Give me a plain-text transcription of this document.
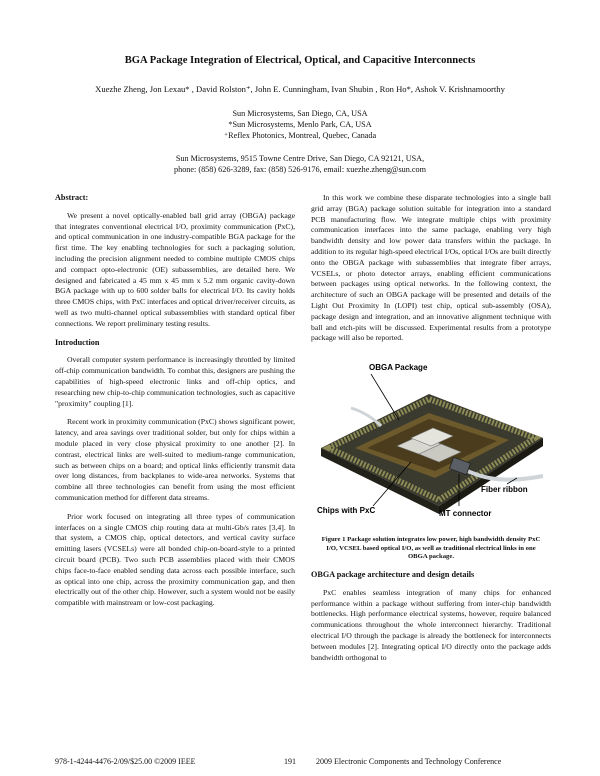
BGA Package Integration of Electrical, Optical, and Capacitive Interconnects
Xuezhe Zheng, Jon Lexau* , David Rolston⁺, John E. Cunningham, Ivan Shubin , Ron Ho*, Ashok V. Krishnamoorthy
Sun Microsystems, San Diego, CA, USA
*Sun Microsystems, Menlo Park, CA, USA
⁺Reflex Photonics, Montreal, Quebec, Canada
Sun Microsystems, 9515 Towne Centre Drive, San Diego, CA 92121, USA,
phone: (858) 626-3289, fax: (858) 526-9176, email: xuezhe.zheng@sun.com
Abstract:

We present a novel optically-enabled ball grid array (OBGA) package that integrates conventional electrical I/O, proximity communication (PxC), and optical communication in one industry-compatible BGA package for the first time. The key enabling technologies for such a packaging solution, including the precision alignment needed to combine multiple CMOS chips and compact opto-electronic (OE) subassemblies, are detailed here. We designed and fabricated a 45 mm x 45 mm x 5.2 mm organic cavity-down BGA package with up to 600 solder balls for electrical I/O. Its cavity holds three CMOS chips, with PxC interfaces and optical driver/receiver circuits, as well as two multi-channel optical subassemblies with standard optical fiber connections. We report preliminary testing results.

Introduction

Overall computer system performance is increasingly throttled by limited off-chip communication bandwidth. To combat this, designers are pushing the capabilities of high-speed electronic links and off-chip optics, and researching new chip-to-chip communication technologies, such as capacitive "proximity" coupling [1].

Recent work in proximity communication (PxC) shows significant power, latency, and area savings over traditional solder, but only for chips within a module placed in very close physical proximity to one another [2]. In contrast, electrical links are well-suited to medium-range communication, such as between chips on a board; and optical links efficiently transmit data over long distances, from backplanes to wide-area networks. Systems that combine all three technologies can benefit from using the most efficient communication method for different data streams.

Prior work focused on integrating all three types of communication interfaces on a single CMOS chip routing data at multi-Gb/s rates [3,4]. In that system, a CMOS chip, optical detectors, and vertical cavity surface emitting lasers (VCSELs) were all bonded chip-on-board-style to a printed circuit board (PCB). Two such PCB assemblies placed with their CMOS chips face-to-face enabled sending data across each possible interface, such as optical into one chip, across the proximity communication gap, and then electrically out of the other chip. However, such a system would not be easily compatible with mainstream or low-cost packaging.

In this work we combine these disparate technologies into a single ball grid array (BGA) package solution suitable for integration into a standard PCB manufacturing flow. We integrate multiple chips with proximity communication interfaces into the same package, enabling very high bandwidth density and low power data transfers within the package. In addition to its regular high-speed electrical I/Os, optical I/Os are built directly onto the OBGA package with subassemblies that integrate fiber arrays, VCSELs, or photo detector arrays, enabling efficient communications between packages using optical networks. In the following context, the architecture of such an OBGA package will be presented and details of the Light Out Proximity In (LOPI) test chip, optical sub-assembly (OSA), package design and integration, and an innovative alignment technique with ball and etch-pits will be discussed. Experimental results from a prototype package will also be reported.

OBGA Package
Fiber ribbon
Chips with PxC	MT connector
Figure 1 Package solution integrates low power, high bandwidth density PxC I/O, VCSEL based optical I/O, as well as traditional electrical links in one OBGA package.
OBGA package architecture and design details

PxC enables seamless integration of many chips for enhanced performance within a package without suffering from inter-chip bandwidth bottlenecks. High performance electrical systems, however, require balanced communications throughout the whole interconnect hierarchy. Traditional electrical I/O through the package is already the bottleneck for interconnects between modules [2]. Integrating optical I/O directly onto the package adds bandwidth orthogonal to

978-1-4244-4476-2/09/$25.00 ©2009 IEEE	191	2009 Electronic Components and Technology Conference
